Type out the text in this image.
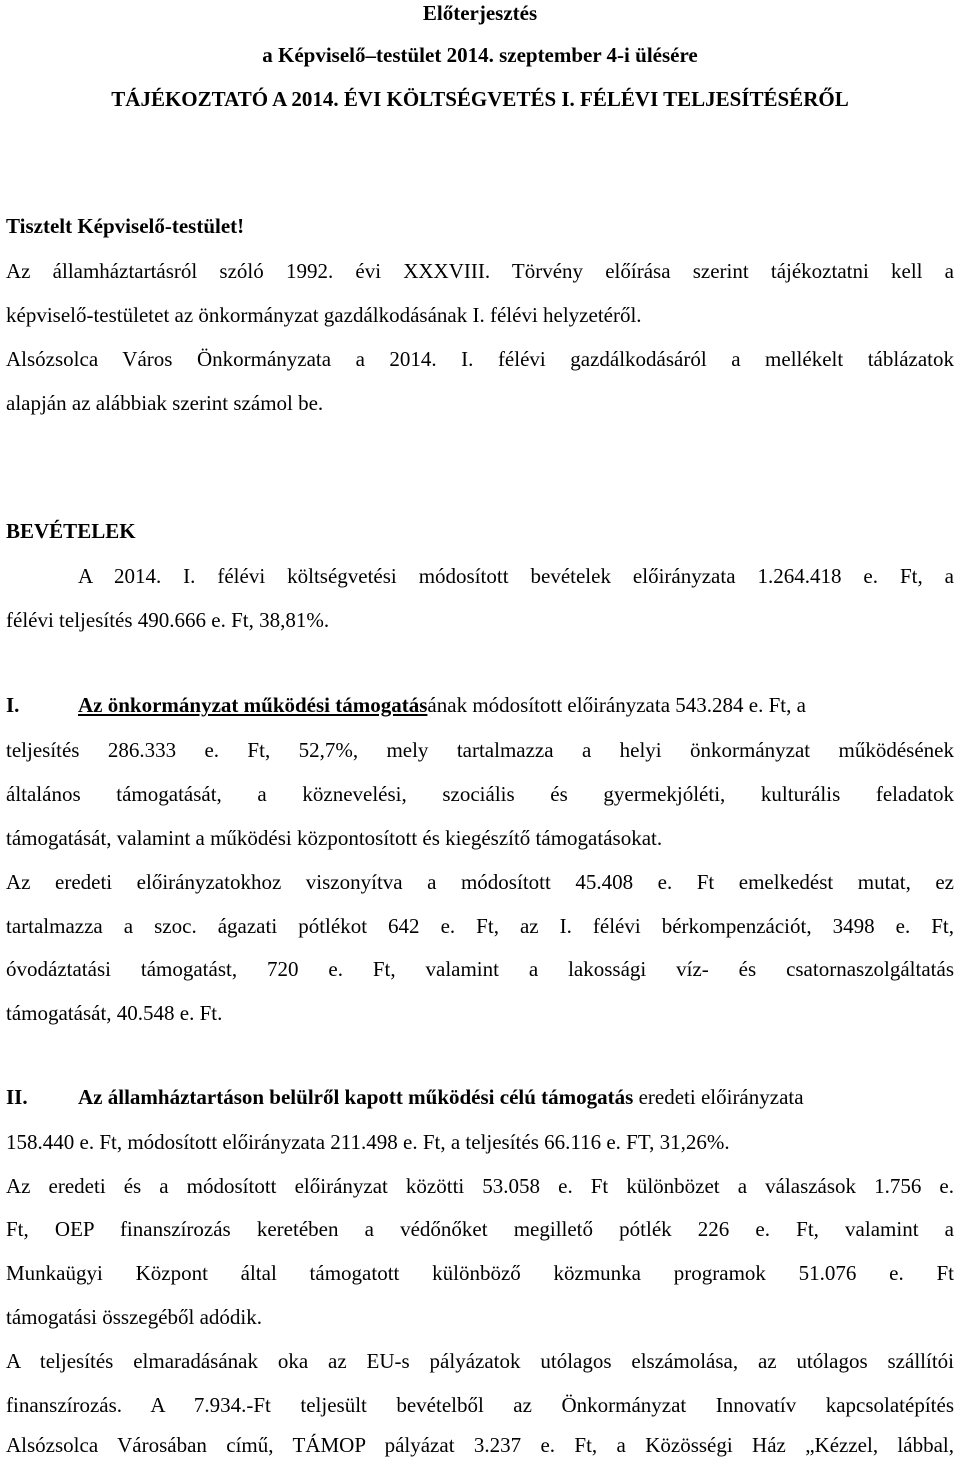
Előterjesztés
a Képviselő–testület 2014. szeptember 4-i ülésére
TÁJÉKOZTATÓ A 2014. ÉVI KÖLTSÉGVETÉS I. FÉLÉVI TELJESÍTÉSÉRŐL
Tisztelt Képviselő-testület!
Az államháztartásról szóló 1992. évi XXXVIII. Törvény előírása szerint tájékoztatni kell a
képviselő-testületet az önkormányzat gazdálkodásának I. félévi helyzetéről.
Alsózsolca Város Önkormányzata a 2014. I. félévi gazdálkodásáról a mellékelt táblázatok
alapján az alábbiak szerint számol be.
BEVÉTELEK
A 2014. I. félévi költségvetési módosított bevételek előirányzata 1.264.418 e. Ft, a
félévi teljesítés 490.666 e. Ft, 38,81%.
I.	Az önkormányzat működési támogatásának módosított előirányzata 543.284 e. Ft, a
teljesítés 286.333 e. Ft, 52,7%, mely tartalmazza a helyi önkormányzat működésének
általános támogatását, a köznevelési, szociális és gyermekjóléti, kulturális feladatok
támogatását, valamint a működési központosított és kiegészítő támogatásokat.
Az eredeti előirányzatokhoz viszonyítva a módosított 45.408 e. Ft emelkedést mutat, ez
tartalmazza a szoc. ágazati pótlékot 642 e. Ft, az I. félévi bérkompenzációt, 3498 e. Ft,
óvodáztatási támogatást, 720 e. Ft, valamint a lakossági víz- és csatornaszolgáltatás
támogatását, 40.548 e. Ft.
II. Az államháztartáson belülről kapott működési célú támogatás eredeti előirányzata
158.440 e. Ft, módosított előirányzata 211.498 e. Ft, a teljesítés 66.116 e. FT, 31,26%.
Az eredeti és a módosított előirányzat közötti 53.058 e. Ft különbözet a válaszások 1.756 e.
Ft, OEP finanszírozás keretében a védőnőket megillető pótlék 226 e. Ft, valamint a
Munkaügyi Központ által támogatott különböző közmunka programok 51.076 e. Ft
támogatási összegéből adódik.
A teljesítés elmaradásának oka az EU-s pályázatok utólagos elszámolása, az utólagos szállítói
finanszírozás. A 7.934.-Ft teljesült bevételből az Önkormányzat Innovatív kapcsolatépítés
Alsózsolca Városában című, TÁMOP pályázat 3.237 e. Ft, a Közösségi Ház „Kézzel, lábbal,
